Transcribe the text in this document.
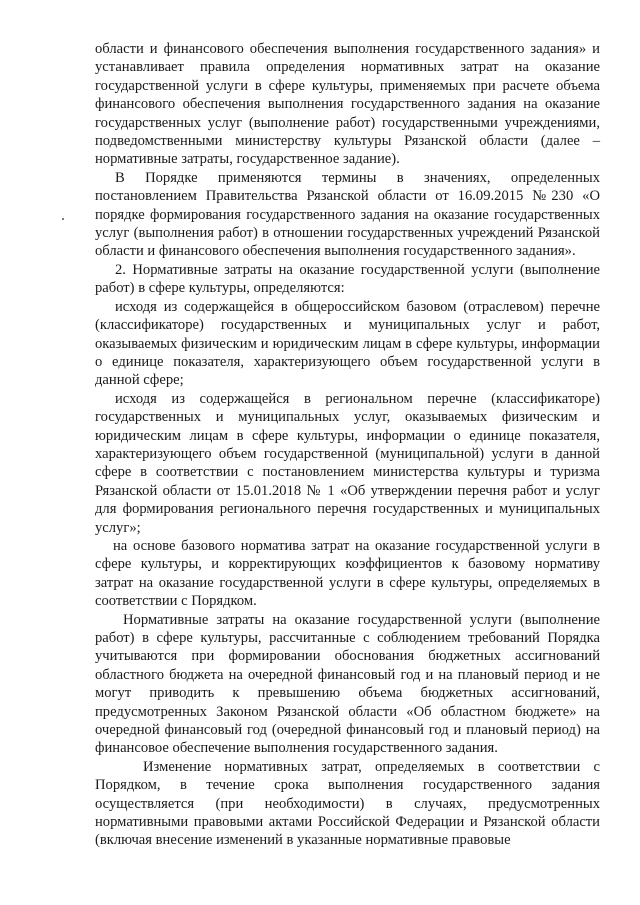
области и финансового обеспечения выполнения государственного задания» и устанавливает правила определения нормативных затрат на оказание государственной услуги в сфере культуры, применяемых при расчете объема финансового обеспечения выполнения государственного задания на оказание государственных услуг (выполнение работ) государственными учреждениями, подведомственными министерству культуры Рязанской области (далее – нормативные затраты, государственное задание).

В Порядке применяются термины в значениях, определенных постановлением Правительства Рязанской области от 16.09.2015 №230 «О порядке формирования государственного задания на оказание государственных услуг (выполнения работ) в отношении государственных учреждений Рязанской области и финансового обеспечения выполнения государственного задания».

2. Нормативные затраты на оказание государственной услуги (выполнение работ) в сфере культуры, определяются:

исходя из содержащейся в общероссийском базовом (отраслевом) перечне (классификаторе) государственных и муниципальных услуг и работ, оказываемых физическим и юридическим лицам в сфере культуры, информации о единице показателя, характеризующего объем государственной услуги в данной сфере;

исходя из содержащейся в региональном перечне (классификаторе) государственных и муниципальных услуг, оказываемых физическим и юридическим лицам в сфере культуры, информации о единице показателя, характеризующего объем государственной (муниципальной) услуги в данной сфере в соответствии с постановлением министерства культуры и туризма Рязанской области от 15.01.2018 № 1 «Об утверждении перечня работ и услуг для формирования регионального перечня государственных и муниципальных услуг»;

на основе базового норматива затрат на оказание государственной услуги в сфере культуры, и корректирующих коэффициентов к базовому нормативу затрат на оказание государственной услуги в сфере культуры, определяемых в соответствии с Порядком.

Нормативные затраты на оказание государственной услуги (выполнение работ) в сфере культуры, рассчитанные с соблюдением требований Порядка учитываются при формировании обоснования бюджетных ассигнований областного бюджета на очередной финансовый год и на плановый период и не могут приводить к превышению объема бюджетных ассигнований, предусмотренных Законом Рязанской области «Об областном бюджете» на очередной финансовый год (очередной финансовый год и плановый период) на финансовое обеспечение выполнения государственного задания.

Изменение нормативных затрат, определяемых в соответствии с Порядком, в течение срока выполнения государственного задания осуществляется (при необходимости) в случаях, предусмотренных нормативными правовыми актами Российской Федерации и Рязанской области (включая внесение изменений в указанные нормативные правовые
